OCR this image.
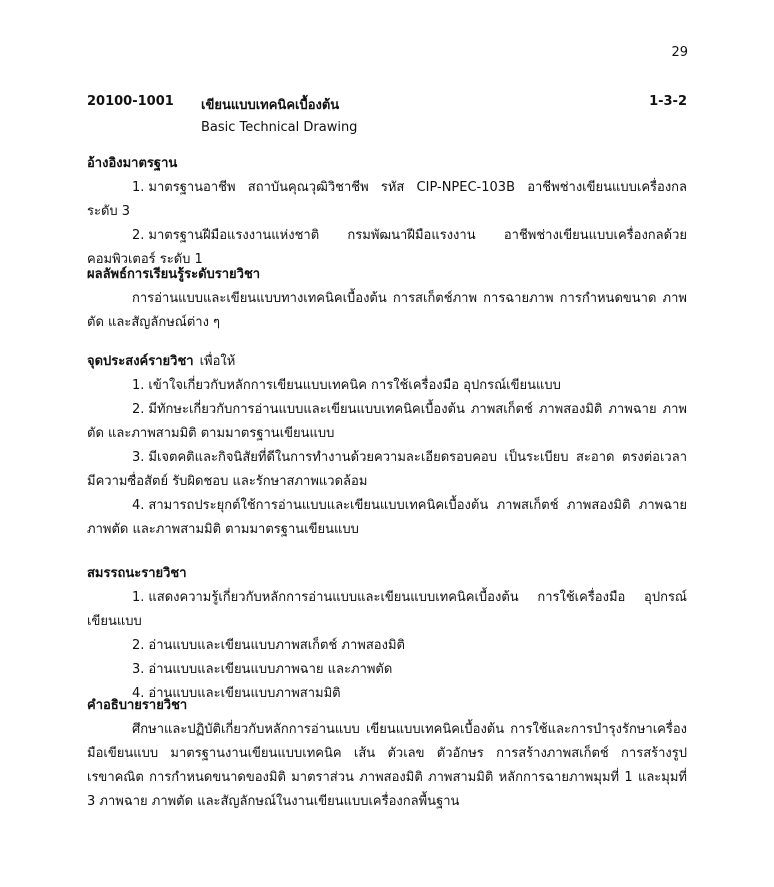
29
20100-1001 เขียนแบบเทคนิคเบื้องต้น	1-3-2
Basic Technical Drawing
อ้างอิงมาตรฐาน
1. มาตรฐานอาชีพ สถาบันคุณวุฒิวิชาชีพ รหัส CIP-NPEC-103B อาชีพช่างเขียนแบบเครื่องกล ระดับ 3
2. มาตรฐานฝีมือแรงงานแห่งชาติ กรมพัฒนาฝีมือแรงงาน อาชีพช่างเขียนแบบเครื่องกลด้วยคอมพิวเตอร์ ระดับ 1
ผลลัพธ์การเรียนรู้ระดับรายวิชา

การอ่านแบบและเขียนแบบทางเทคนิคเบื้องต้น การสเก็ตช์ภาพ การฉายภาพ การกำหนดขนาด ภาพตัด และสัญลักษณ์ต่าง ๆ

จุดประสงค์รายวิชา เพื่อให้
1. เข้าใจเกี่ยวกับหลักการเขียนแบบเทคนิค การใช้เครื่องมือ อุปกรณ์เขียนแบบ
2. มีทักษะเกี่ยวกับการอ่านแบบและเขียนแบบเทคนิคเบื้องต้น ภาพสเก็ตช์ ภาพสองมิติ ภาพฉาย ภาพตัด และภาพสามมิติ ตามมาตรฐานเขียนแบบ
3. มีเจตคติและกิจนิสัยที่ดีในการทำงานด้วยความละเอียดรอบคอบ เป็นระเบียบ สะอาด ตรงต่อเวลา มีความซื่อสัตย์ รับผิดชอบ และรักษาสภาพแวดล้อม
4. สามารถประยุกต์ใช้การอ่านแบบและเขียนแบบเทคนิคเบื้องต้น ภาพสเก็ตช์ ภาพสองมิติ ภาพฉาย ภาพตัด และภาพสามมิติ ตามมาตรฐานเขียนแบบ
สมรรถนะรายวิชา
1. แสดงความรู้เกี่ยวกับหลักการอ่านแบบและเขียนแบบเทคนิคเบื้องต้น การใช้เครื่องมือ อุปกรณ์เขียนแบบ
2. อ่านแบบและเขียนแบบภาพสเก็ตช์ ภาพสองมิติ
3. อ่านแบบและเขียนแบบภาพฉาย และภาพตัด
4. อ่านแบบและเขียนแบบภาพสามมิติ
คำอธิบายรายวิชา

ศึกษาและปฏิบัติเกี่ยวกับหลักการอ่านแบบ เขียนแบบเทคนิคเบื้องต้น การใช้และการบำรุงรักษาเครื่องมือเขียนแบบ มาตรฐานงานเขียนแบบเทคนิค เส้น ตัวเลข ตัวอักษร การสร้างภาพสเก็ตช์ การสร้างรูปเรขาคณิต การกำหนดขนาดของมิติ มาตราส่วน ภาพสองมิติ ภาพสามมิติ หลักการฉายภาพมุมที่ 1 และมุมที่ 3 ภาพฉาย ภาพตัด และสัญลักษณ์ในงานเขียนแบบเครื่องกลพื้นฐาน
